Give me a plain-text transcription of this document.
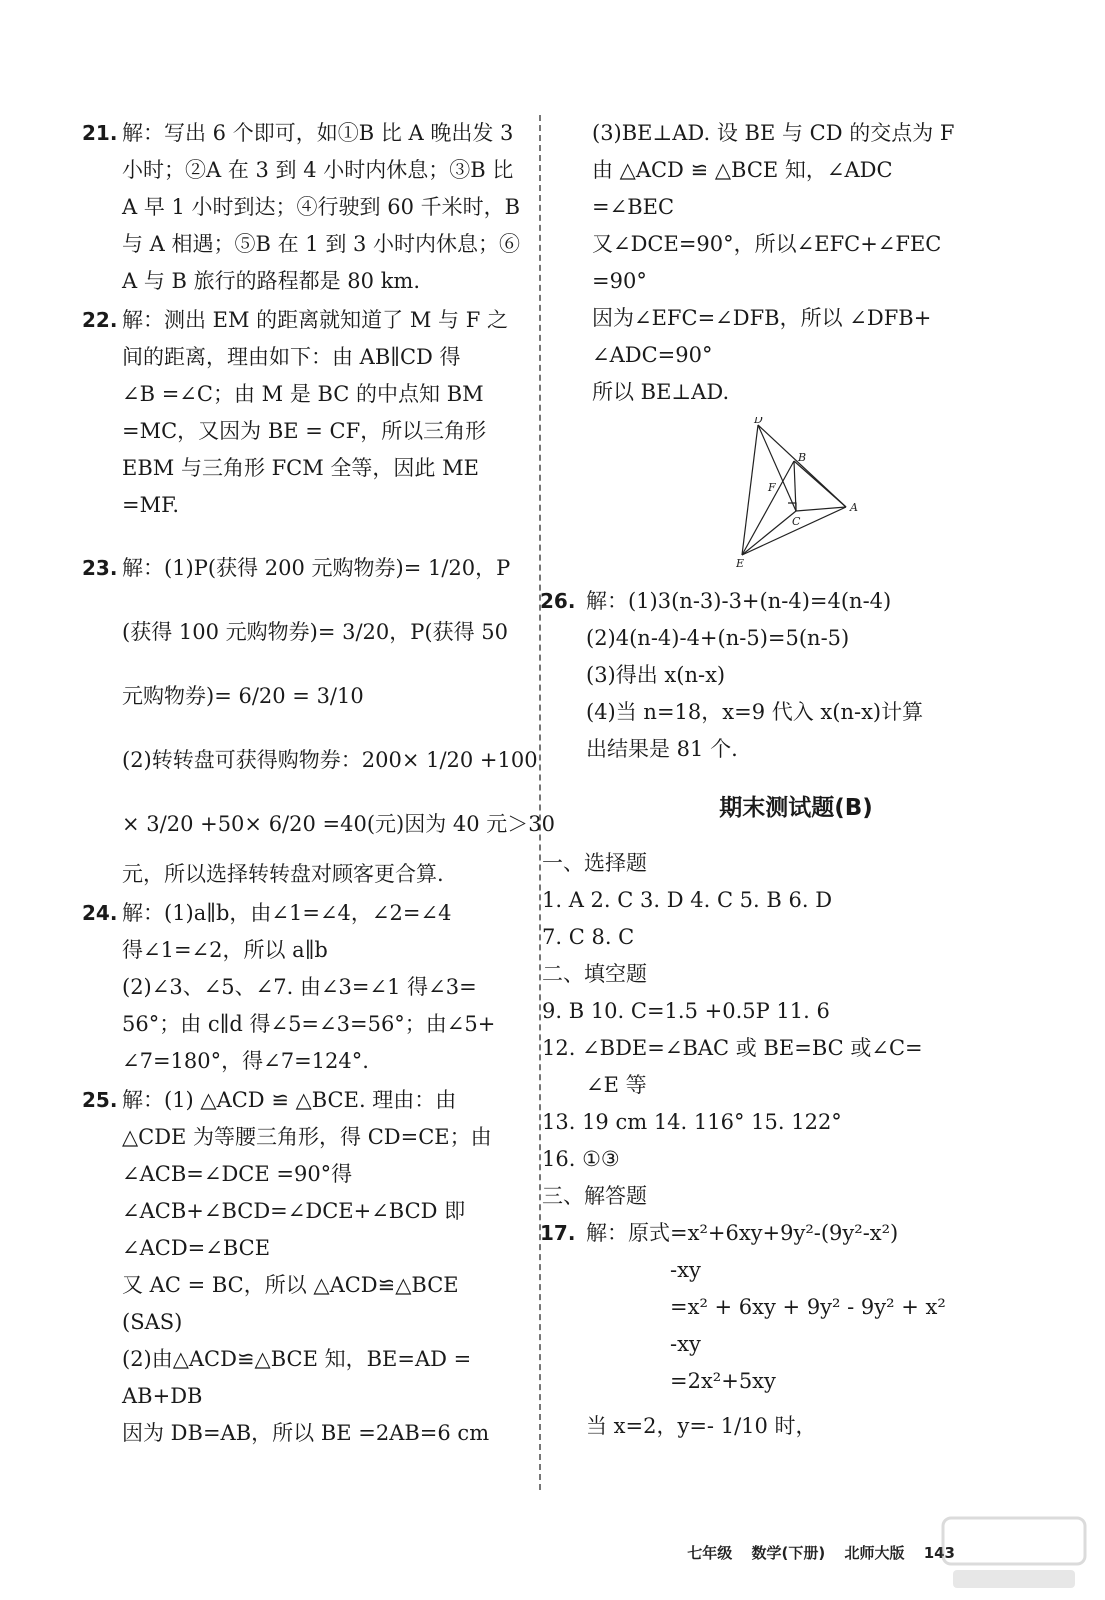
21. 解：写出 6 个即可，如①B 比 A 晚出发 3
小时；②A 在 3 到 4 小时内休息；③B 比
A 早 1 小时到达；④行驶到 60 千米时，B
与 A 相遇；⑤B 在 1 到 3 小时内休息；⑥
A 与 B 旅行的路程都是 80 km.
22. 解：测出 EM 的距离就知道了 M 与 F 之
间的距离，理由如下：由 AB∥CD 得
∠B =∠C；由 M 是 BC 的中点知 BM
=MC，又因为 BE = CF，所以三角形
EBM 与三角形 FCM 全等，因此 ME
=MF.
23. 解：(1)P(获得 200 元购物券)= 1/20，P
(获得 100 元购物券)= 3/20，P(获得 50
元购物券)= 6/20 = 3/10
(2)转转盘可获得购物券：200× 1/20 +100
× 3/20 +50× 6/20 =40(元)因为 40 元＞30
元，所以选择转转盘对顾客更合算.
24. 解：(1)a∥b，由∠1=∠4，∠2=∠4
得∠1=∠2，所以 a∥b
(2)∠3、∠5、∠7. 由∠3=∠1 得∠3=
56°；由 c∥d 得∠5=∠3=56°；由∠5+
∠7=180°，得∠7=124°.
25. 解：(1) △ACD ≌ △BCE. 理由：由
△CDE 为等腰三角形，得 CD=CE；由
∠ACB=∠DCE =90°得
∠ACB+∠BCD=∠DCE+∠BCD 即
∠ACD=∠BCE
又 AC = BC，所以 △ACD≌△BCE
(SAS)
(2)由△ACD≌△BCE 知，BE=AD =
AB+DB
因为 DB=AB，所以 BE =2AB=6 cm
(3)BE⊥AD. 设 BE 与 CD 的交点为 F
由 △ACD ≌ △BCE 知，∠ADC
=∠BEC
又∠DCE=90°，所以∠EFC+∠FEC
=90°
因为∠EFC=∠DFB，所以 ∠DFB+
∠ADC=90°
所以 BE⊥AD.
D
B
F
C
A
E
26. 解：(1)3(n-3)-3+(n-4)=4(n-4)
(2)4(n-4)-4+(n-5)=5(n-5)
(3)得出 x(n-x)
(4)当 n=18，x=9 代入 x(n-x)计算
出结果是 81 个.
期末测试题(B)
一、选择题
1. A 2. C 3. D 4. C 5. B 6. D
7. C 8. C
二、填空题
9. B 10. C=1.5 +0.5P 11. 6
12. ∠BDE=∠BAC 或 BE=BC 或∠C=
∠E 等
13. 19 cm 14. 116° 15. 122°
16. ①③
三、解答题
17. 解：原式=x²+6xy+9y²-(9y²-x²)
-xy
=x² + 6xy + 9y² - 9y² + x²
-xy
=2x²+5xy
当 x=2，y=- 1/10 时，
七年级 数学(下册) 北师大版 143
